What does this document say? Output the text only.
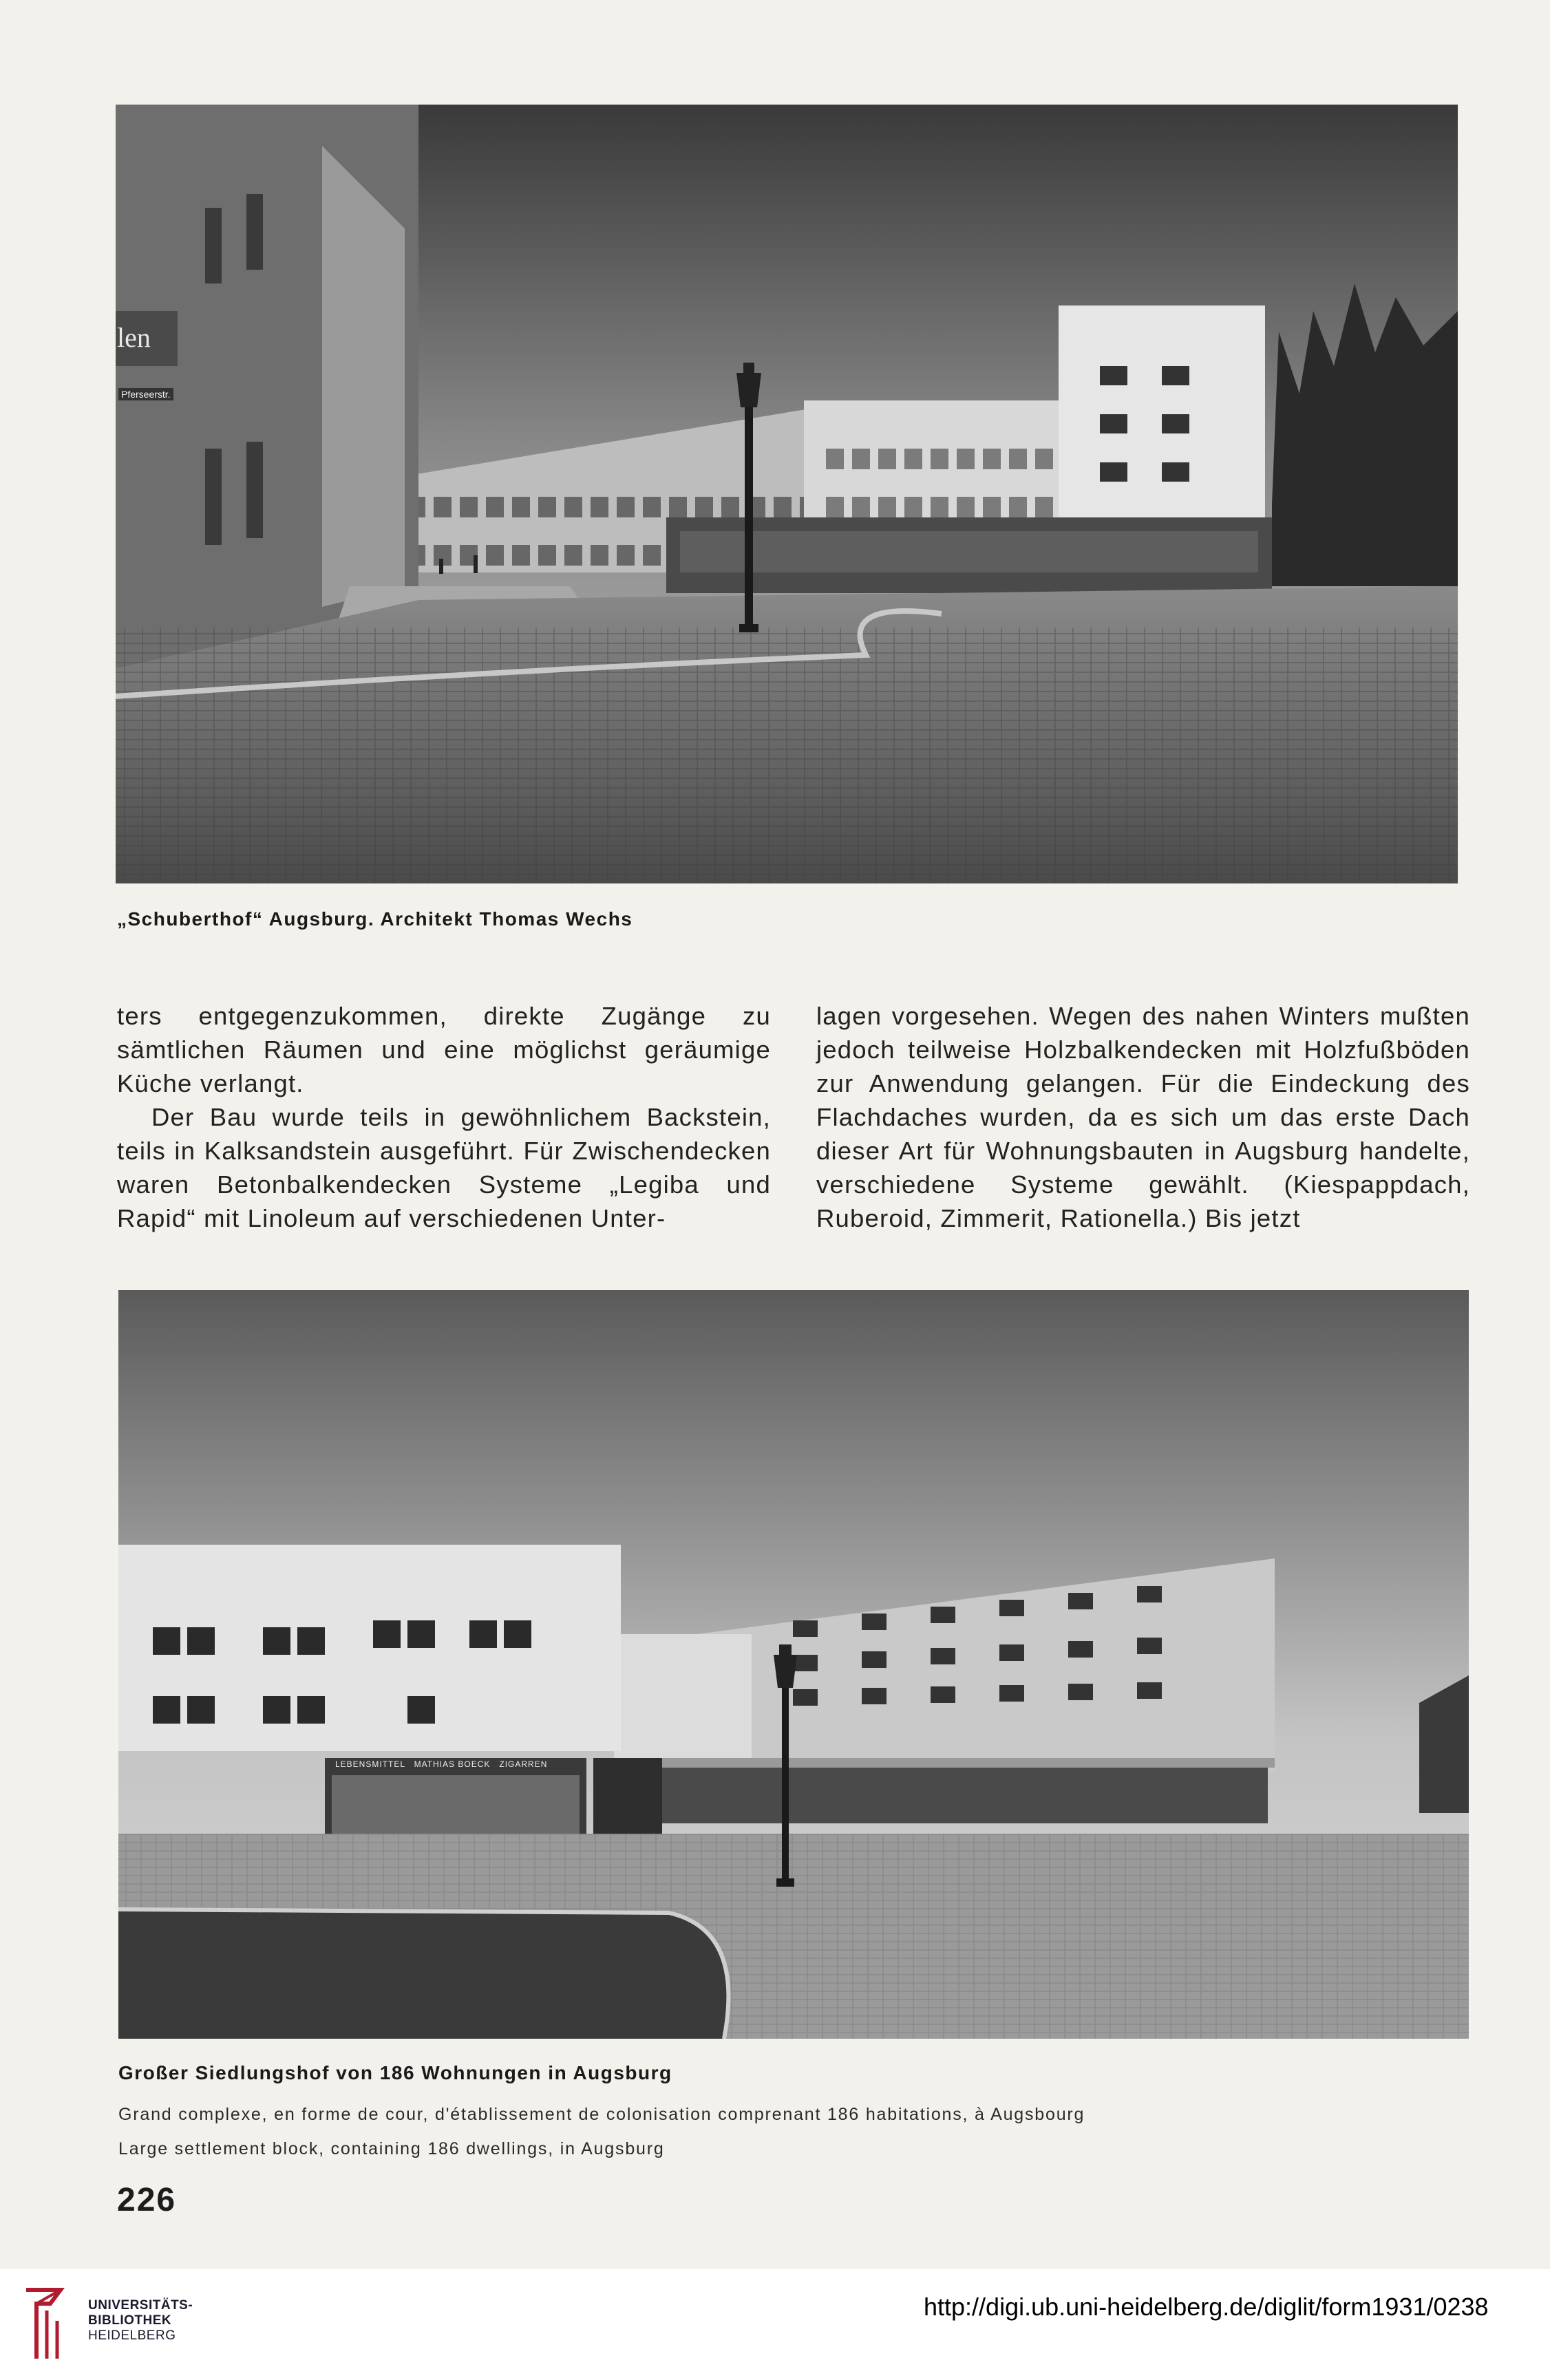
len
Pferseerstr.
„Schuberthof“ Augsburg. Architekt Thomas Wechs

ters entgegenzukommen, direkte Zugänge zu sämtlichen Räumen und eine möglichst geräumige Küche verlangt.

Der Bau wurde teils in gewöhnlichem Backstein, teils in Kalksandstein ausgeführt. Für Zwischendecken waren Betonbalkendecken Systeme „Legiba und Rapid“ mit Linoleum auf verschiedenen Unter-

lagen vorgesehen. Wegen des nahen Winters mußten jedoch teilweise Holzbalkendecken mit Holzfußböden zur Anwendung gelangen. Für die Eindeckung des Flachdaches wurden, da es sich um das erste Dach dieser Art für Wohnungsbauten in Augsburg handelte, verschiedene Systeme gewählt. (Kiespappdach, Ruberoid, Zimmerit, Rationella.) Bis jetzt

LEBENSMITTEL   MATHIAS BOECK   ZIGARREN
Großer Siedlungshof von 186 Wohnungen in Augsburg
Grand complexe, en forme de cour, d'établissement de colonisation comprenant 186 habitations, à Augsbourg
Large settlement block, containing 186 dwellings, in Augsburg
226
UNIVERSITÄTS-
BIBLIOTHEK
HEIDELBERG
http://digi.ub.uni-heidelberg.de/diglit/form1931/0238
